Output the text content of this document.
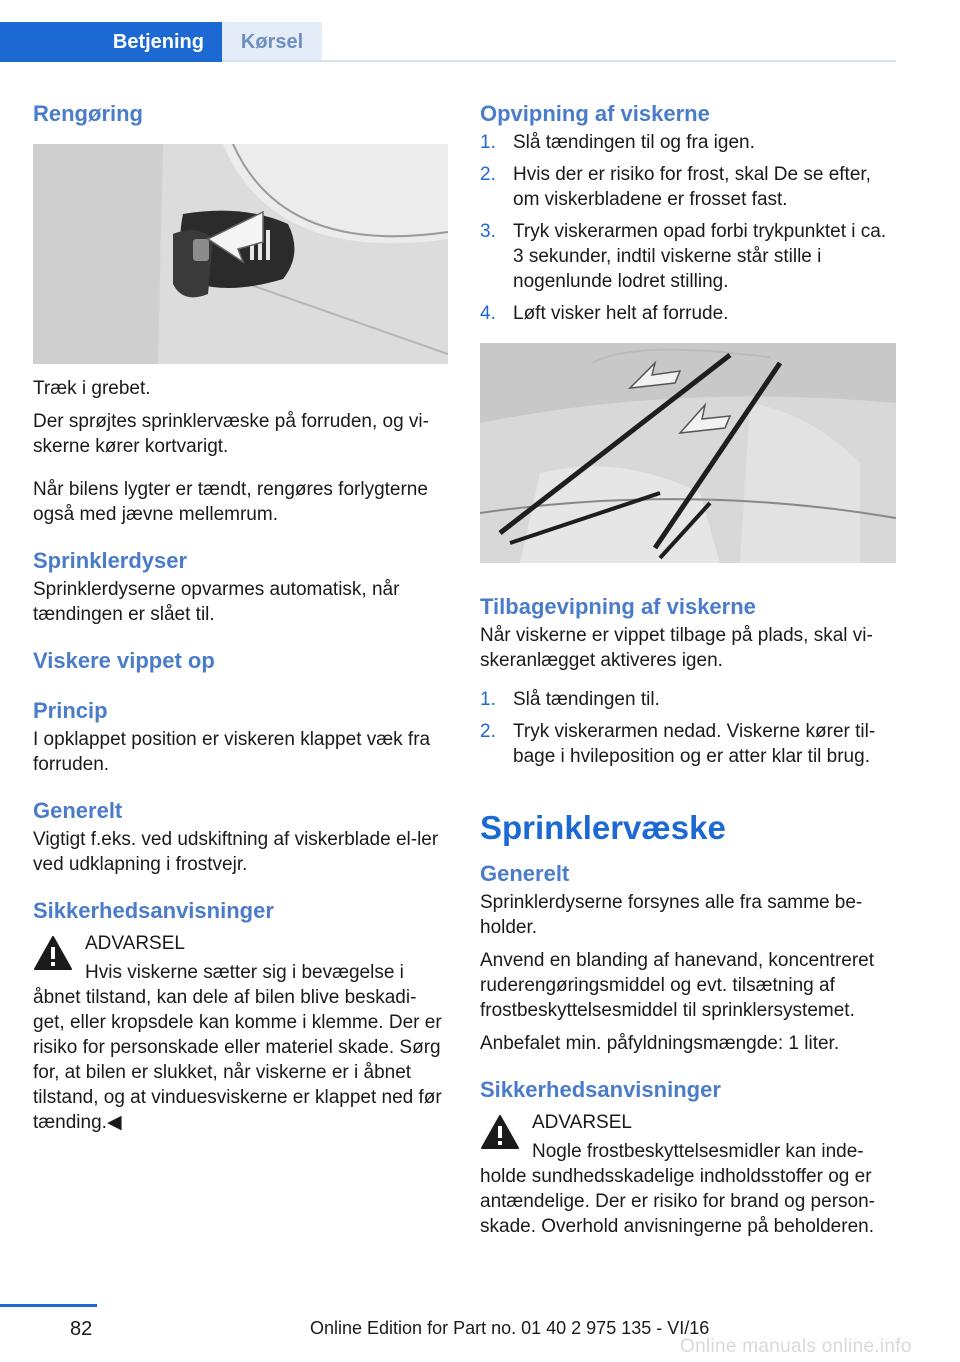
Betjening	Kørsel
Rengøring

Træk i grebet.

Der sprøjtes sprinklervæske på forruden, og vi‐skerne kører kortvarigt.

Når bilens lygter er tændt, rengøres forlygterne også med jævne mellemrum.

Sprinklerdyser

Sprinklerdyserne opvarmes automatisk, når tændingen er slået til.

Viskere vippet op
Princip

I opklappet position er viskeren klappet væk fra forruden.

Generelt

Vigtigt f.eks. ved udskiftning af viskerblade el‐ler ved udklapning i frostvejr.

Sikkerhedsanvisninger

ADVARSEL

Hvis viskerne sætter sig i bevægelse i

åbnet tilstand, kan dele af bilen blive beskadi‐get, eller kropsdele kan komme i klemme. Der er risiko for personskade eller materiel skade. Sørg for, at bilen er slukket, når viskerne er i åbnet tilstand, og at vinduesviskerne er klappet ned før tænding.◀

Opvipning af viskerne
1. Slå tændingen til og fra igen.
2. Hvis der er risiko for frost, skal De se efter, om viskerbladene er frosset fast.
3. Tryk viskerarmen opad forbi trykpunktet i ca. 3 sekunder, indtil viskerne står stille i nogenlunde lodret stilling.
4. Løft visker helt af forrude.
Tilbagevipning af viskerne

Når viskerne er vippet tilbage på plads, skal vi‐skeranlægget aktiveres igen.

1. Slå tændingen til.
2. Tryk viskerarmen nedad. Viskerne kører til‐bage i hvileposition og er atter klar til brug.
Sprinklervæske
Generelt

Sprinklerdyserne forsynes alle fra samme be‐holder.

Anvend en blanding af hanevand, koncentreret ruderengøringsmiddel og evt. tilsætning af frostbeskyttelsesmiddel til sprinklersystemet.

Anbefalet min. påfyldningsmængde: 1 liter.

Sikkerhedsanvisninger

ADVARSEL

Nogle frostbeskyttelsesmidler kan inde‐

holde sundhedsskadelige indholdsstoffer og er antændelige. Der er risiko for brand og person‐skade. Overhold anvisningerne på beholderen.

82	Online Edition for Part no. 01 40 2 975 135 - VI/16
Online manuals online.info
